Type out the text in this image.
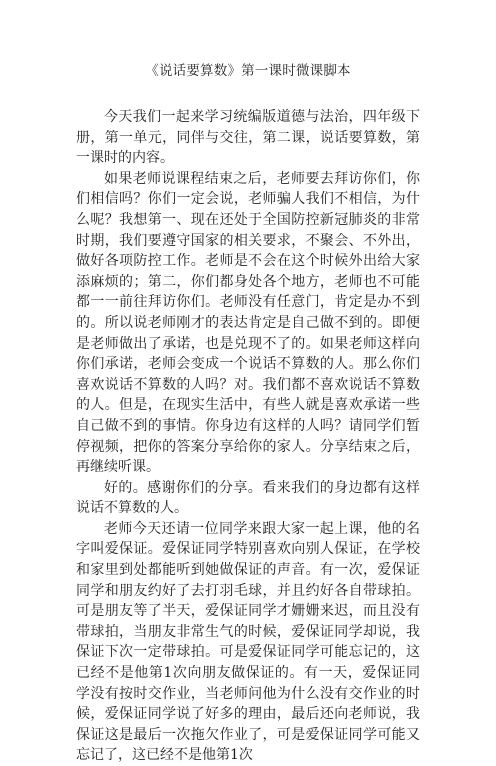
《说话要算数》第一课时微课脚本

今天我们一起来学习统编版道德与法治，四年级下册，第一单元，同伴与交往，第二课，说话要算数，第一课时的内容。

如果老师说课程结束之后，老师要去拜访你们，你们相信吗？你们一定会说，老师骗人我们不相信，为什么呢？我想第一、现在还处于全国防控新冠肺炎的非常时期，我们要遵守国家的相关要求，不聚会、不外出，做好各项防控工作。老师是不会在这个时候外出给大家添麻烦的；第二，你们都身处各个地方，老师也不可能都一一前往拜访你们。老师没有任意门，肯定是办不到的。所以说老师刚才的表达肯定是自己做不到的。即便是老师做出了承诺，也是兑现不了的。如果老师这样向你们承诺，老师会变成一个说话不算数的人。那么你们喜欢说话不算数的人吗？对。我们都不喜欢说话不算数的人。但是，在现实生活中，有些人就是喜欢承诺一些自己做不到的事情。你身边有这样的人吗？请同学们暂停视频，把你的答案分享给你的家人。分享结束之后，再继续听课。

好的。感谢你们的分享。看来我们的身边都有这样说话不算数的人。

老师今天还请一位同学来跟大家一起上课，他的名字叫爱保证。爱保证同学特别喜欢向别人保证，在学校和家里到处都能听到她做保证的声音。有一次，爱保证同学和朋友约好了去打羽毛球，并且约好各自带球拍。可是朋友等了半天，爱保证同学才姗姗来迟，而且没有带球拍，当朋友非常生气的时候，爱保证同学却说，我保证下次一定带球拍。可是爱保证同学可能忘记的，这已经不是他第1次向朋友做保证的。有一天，爱保证同学没有按时交作业，当老师问他为什么没有交作业的时候，爱保证同学说了好多的理由，最后还向老师说，我保证这是最后一次拖欠作业了，可是爱保证同学可能又忘记了，这已经不是他第1次
